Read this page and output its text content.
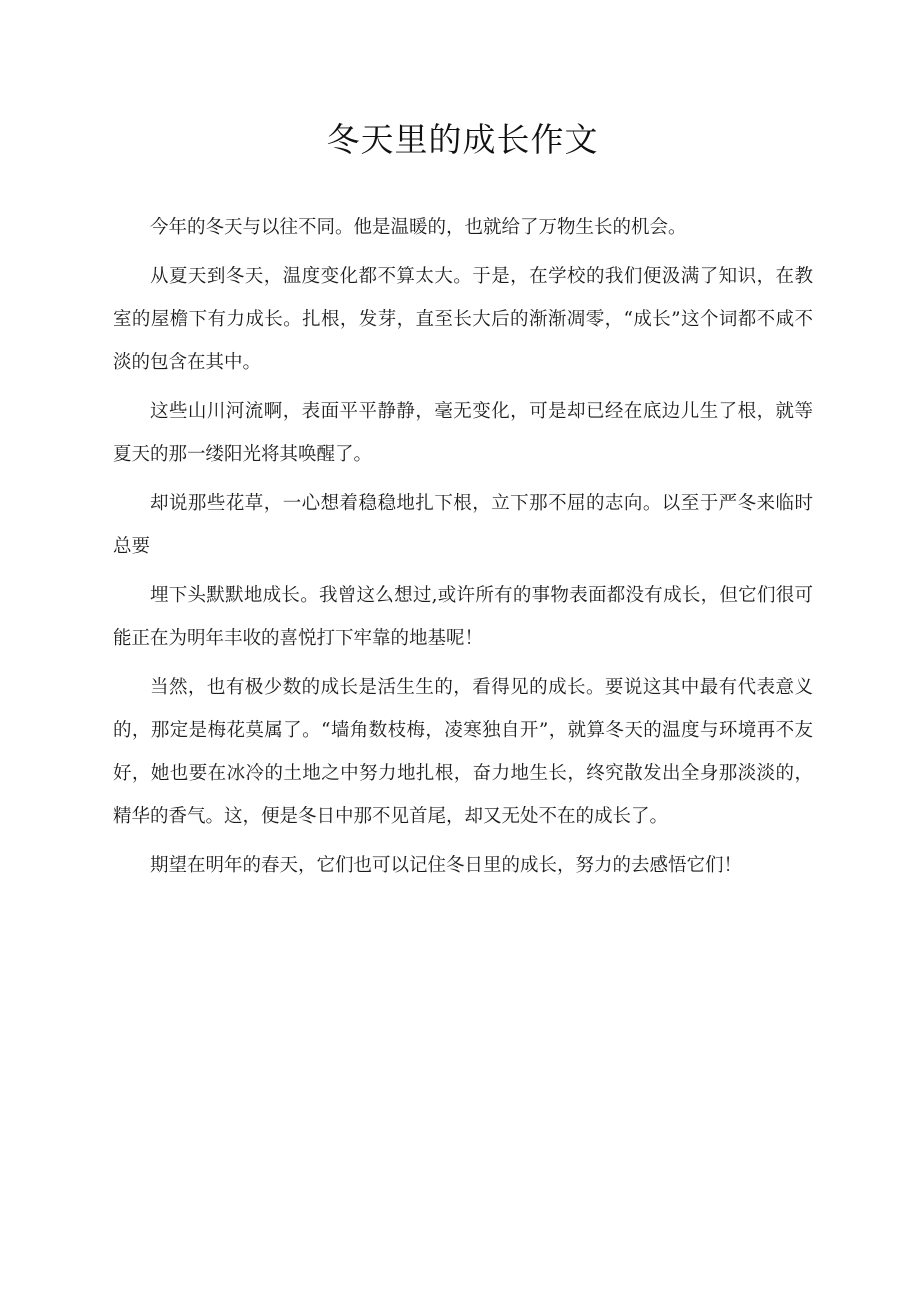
冬天里的成长作文

今年的冬天与以往不同。他是温暖的，也就给了万物生长的机会。

从夏天到冬天，温度变化都不算太大。于是，在学校的我们便汲满了知识，在教室的屋檐下有力成长。扎根，发芽，直至长大后的渐渐凋零，“成长”这个词都不咸不淡的包含在其中。

这些山川河流啊，表面平平静静，毫无变化，可是却已经在底边儿生了根，就等夏天的那一缕阳光将其唤醒了。

却说那些花草，一心想着稳稳地扎下根，立下那不屈的志向。以至于严冬来临时总要

埋下头默默地成长。我曾这么想过,或许所有的事物表面都没有成长，但它们很可能正在为明年丰收的喜悦打下牢靠的地基呢！

当然，也有极少数的成长是活生生的，看得见的成长。要说这其中最有代表意义的，那定是梅花莫属了。“墙角数枝梅，凌寒独自开”，就算冬天的温度与环境再不友好，她也要在冰冷的土地之中努力地扎根，奋力地生长，终究散发出全身那淡淡的，精华的香气。这，便是冬日中那不见首尾，却又无处不在的成长了。

期望在明年的春天，它们也可以记住冬日里的成长，努力的去感悟它们！
